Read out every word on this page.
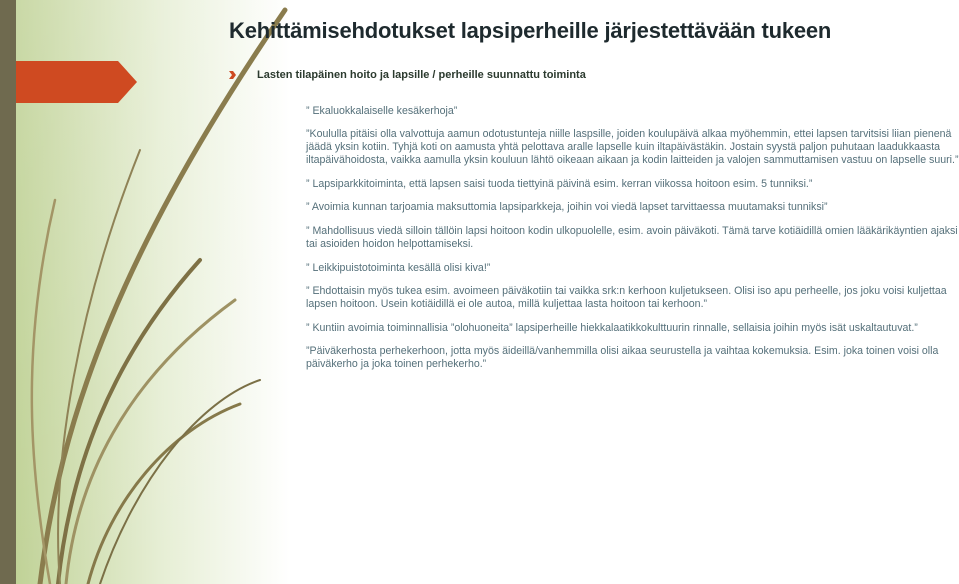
Kehittämisehdotukset lapsiperheille järjestettävään tukeen
Lasten tilapäinen hoito ja lapsille / perheille suunnattu toiminta

” Ekaluokkalaiselle kesäkerhoja”

”Koululla pitäisi olla valvottuja aamun odotustunteja niille laspsille, joiden koulupäivä alkaa myöhemmin, ettei lapsen tarvitsisi liian pienenä jäädä yksin kotiin. Tyhjä koti on aamusta yhtä pelottava aralle lapselle kuin iltapäivästäkin. Jostain syystä paljon puhutaan laadukkaasta iltapäivähoidosta, vaikka aamulla yksin kouluun lähtö oikeaan aikaan ja kodin laitteiden ja valojen sammuttamisen vastuu on lapselle suuri.”

” Lapsiparkkitoiminta, että lapsen saisi tuoda tiettyinä päivinä esim. kerran viikossa hoitoon esim. 5 tunniksi.”

” Avoimia kunnan tarjoamia maksuttomia lapsiparkkeja, joihin voi viedä lapset tarvittaessa muutamaksi tunniksi”

” Mahdollisuus viedä silloin tällöin lapsi hoitoon kodin ulkopuolelle, esim. avoin päiväkoti. Tämä tarve kotiäidillä omien lääkärikäyntien ajaksi tai asioiden hoidon helpottamiseksi.

” Leikkipuistotoiminta kesällä olisi kiva!”

” Ehdottaisin myös tukea esim. avoimeen päiväkotiin tai vaikka srk:n kerhoon kuljetukseen. Olisi iso apu perheelle, jos joku voisi kuljettaa lapsen hoitoon. Usein kotiäidillä ei ole autoa, millä kuljettaa lasta hoitoon tai kerhoon.”

” Kuntiin avoimia toiminnallisia ”olohuoneita” lapsiperheille hiekkalaatikkokulttuurin rinnalle, sellaisia joihin myös isät uskaltautuvat.”

”Päiväkerhosta perhekerhoon, jotta myös äideillä/vanhemmilla olisi aikaa seurustella ja vaihtaa kokemuksia. Esim. joka toinen voisi olla päiväkerho ja joka toinen perhekerho.”
